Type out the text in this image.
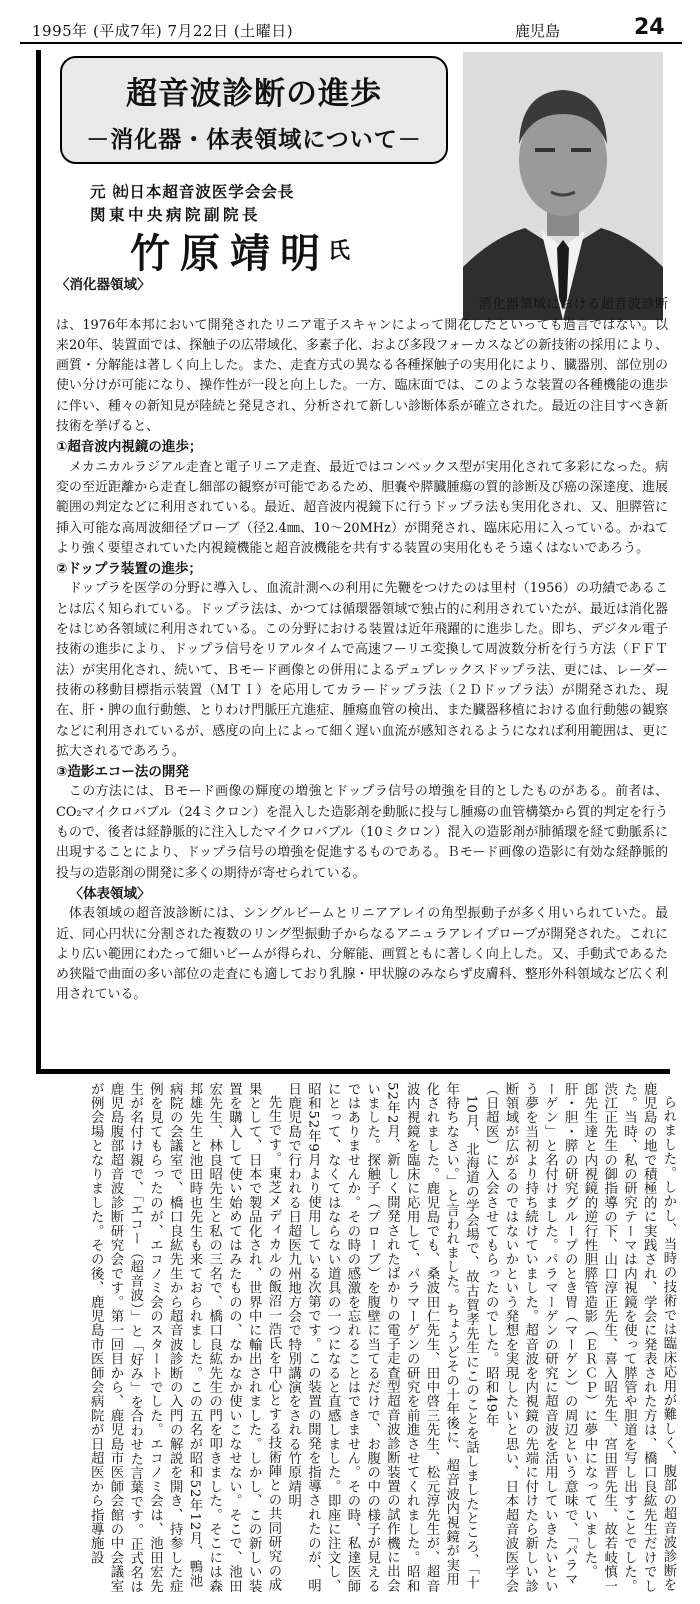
1995年 (平成7年) 7月22日 (土曜日)	鹿児島	24
超音波診断の進歩
－消化器・体表領域について－
元 ㈳日本超音波医学会会長
関東中央病院副院長
竹原靖明
氏
〈消化器領域〉

消化器領域における超音波診断は、1976年本邦において開発されたリニア電子スキャンによって開花したといっても過言ではない。以来20年、装置面では、探触子の広帯域化、多素子化、および多段フォーカスなどの新技術の採用により、画質・分解能は著しく向上した。また、走査方式の異なる各種探触子の実用化により、臓器別、部位別の使い分けが可能になり、操作性が一段と向上した。一方、臨床面では、このような装置の各種機能の進歩に伴い、種々の新知見が陸続と発見され、分析されて新しい診断体系が確立された。最近の注目すべき新技術を挙げると、

①超音波内視鏡の進歩；

メカニカルラジアル走査と電子リニア走査、最近ではコンベックス型が実用化されて多彩になった。病変の至近距離から走査し細部の観察が可能であるため、胆嚢や膵臓腫瘍の質的診断及び癌の深達度、進展範囲の判定などに利用されている。最近、超音波内視鏡下に行うドップラ法も実用化され、又、胆膵管に挿入可能な高周波細径プローブ（径2.4㎜、10～20MHz）が開発され、臨床応用に入っている。かねてより強く要望されていた内視鏡機能と超音波機能を共有する装置の実用化もそう遠くはないであろう。

②ドップラ装置の進歩；

ドップラを医学の分野に導入し、血流計測への利用に先鞭をつけたのは里村（1956）の功績であることは広く知られている。ドップラ法は、かつては循環器領域で独占的に利用されていたが、最近は消化器をはじめ各領域に利用されている。この分野における装置は近年飛躍的に進歩した。即ち、デジタル電子技術の進歩により、ドップラ信号をリアルタイムで高速フーリエ変換して周波数分析を行う方法（ＦＦＴ法）が実用化され、続いて、Ｂモード画像との併用によるデュプレックスドップラ法、更には、レーダー技術の移動目標指示装置（ＭＴＩ）を応用してカラードップラ法（２Ｄドップラ法）が開発された、現在、肝・脾の血行動態、とりわけ門脈圧亢進症、腫瘍血管の検出、また臓器移植における血行動態の観察などに利用されているが、感度の向上によって細く遅い血流が感知されるようになれば利用範囲は、更に拡大されるであろう。

③造影エコー法の開発

この方法には、Ｂモード画像の輝度の増強とドップラ信号の増強を目的としたものがある。前者は、CO₂マイクロバブル（24ミクロン）を混入した造影剤を動脈に投与し腫瘍の血管構築から質的判定を行うもので、後者は経静脈的に注入したマイクロバブル（10ミクロン）混入の造影剤が肺循環を経て動脈系に出現することにより、ドップラ信号の増強を促進するものである。Ｂモード画像の造影に有効な経静脈的投与の造影剤の開発に多くの期待が寄せられている。

〈体表領域〉

体表領域の超音波診断には、シングルビームとリニアアレイの角型振動子が多く用いられていた。最近、同心円状に分割された複数のリング型振動子からなるアニュラアレイプローブが開発された。これにより広い範囲にわたって細いビームが得られ、分解能、画質ともに著しく向上した。又、手動式であるため狭隘で曲面の多い部位の走査にも適しており乳腺・甲状腺のみならず皮膚科、整形外科領域など広く利用されている。

られました。しかし、当時の技術では臨床応用が難しく、腹部の超音波診断を鹿児島の地で積極的に実践され、学会に発表された方は、橋口良紘先生だけでした。当時、私の研究テーマは内視鏡を使って膵管や胆道を写し出すことでした。渋江正先生の御指導の下、山口淳正先生、喜入昭先生、宮田晋先生、故若岐慎一郎先生達と内視鏡的逆行性胆膵管造影（ＥＲＣＰ）に夢中になっていました。肝・胆・膵の研究グループのとき胃（マーゲン）の周辺という意味で、「パラマーゲン」と名付けました。パラマーゲンの研究に超音波を活用していきたいという夢を当初より持ち続けていました。超音波を内視鏡の先端に付けたら新しい診断領域が広がるのではないかという発想を実現したいと思い、日本超音波医学会（日超医）に入会させてもらったのでした。昭和49年

10月、北海道の学会場で、故古賀孝先生にこのことを話しましたところ、「十年待ちなさい。」と言われました。ちょうどその十年後に、超音波内視鏡が実用化されました。鹿児島でも、桑波田仁先生、田中啓三先生、松元淳先生が、超音波内視鏡を臨床に応用して、パラマーゲンの研究を前進させてくれました。昭和52年2月、新しく開発されたばかりの電子走査型超音波診断装置の試作機に出会いました。探触子（プローブ）を腹壁に当てるだけで、お腹の中の様子が見えるではありませんか。その時の感激を忘れることはできません。その時、私達医師にとって、なくてはならない道具の一つになると直感しました。即座に注文し、昭和52年9月より使用している次第です。この装置の開発を指導されたのが、明日鹿児島で行われる日超医九州地方会で特別講演をされる竹原靖明

先生です。東芝メディカルの飯沼一浩氏を中心とする技術陣との共同研究の成果として、日本で製品化され、世界中に輸出されました。しかし、この新しい装置を購入して使い始めてはみたものの、なかなか使いこなせない。そこで、池田宏先生、林良昭先生と私の三名で、橋口良紘先生の門を叩きました。そこには森邦雄先生と池田時也先生も来ておられました。この五名が昭和52年12月、鴨池病院の会議室で、橋口良紘先生から超音波診断の入門の解説を開き、持参した症例を見てもらったのが、エコノミ会のスタートでした。エコノミ会は、池田宏先生が名付け親で、「エコー（超音波）」と「好み」を合わせた言葉です。正式名は鹿児島腹部超音波診断研究会です。第一回目から、鹿児島市医師会館の中会議室が例会場となりました。その後、鹿児島市医師会病院が日超医から指導施設
